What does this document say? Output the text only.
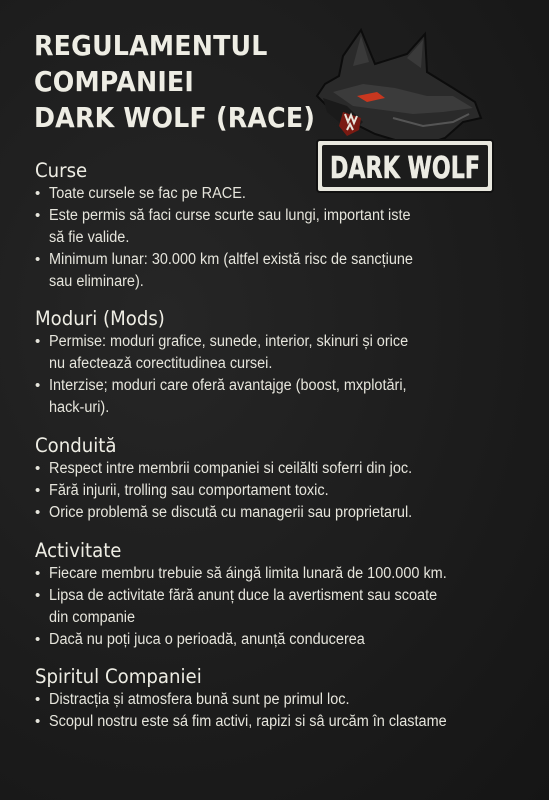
REGULAMENTUL
COMPANIEI
DARK WOLF (RACE)
DARK WOLF
Curse
• Toate cursele se fac pe RACE.
• Este permis să faci curse scurte sau lungi, important iste
să fie valide.
• Minimum lunar: 30.000 km (altfel există risc de sancțiune
sau eliminare).
Moduri (Mods)
• Permise: moduri grafice, sunede, interior, skinuri și orice
nu afecteazǎ corectitudinea cursei.
• Interzise; moduri care oferă avantajge (boost, mxplotări,
hack-uri).
Conduită
• Respect intre membrii companiei si ceilălti soferri din joc.
• Fără injurii, trolling sau comportament toxic.
• Orice problemă se discută cu managerii sau proprietarul.
Activitate
• Fiecare membru trebuie să áingă limita lunară de 100.000 km.
• Lipsa de activitate fără anunț duce la avertisment sau scoate
din companie
• Dacă nu poți juca o perioadă, anunță conducerea
Spiritul Companiei
• Distracția și atmosfera bună sunt pe primul loc.
• Scopul nostru este sá fim activi, rapizi si sâ urcăm în clastame
